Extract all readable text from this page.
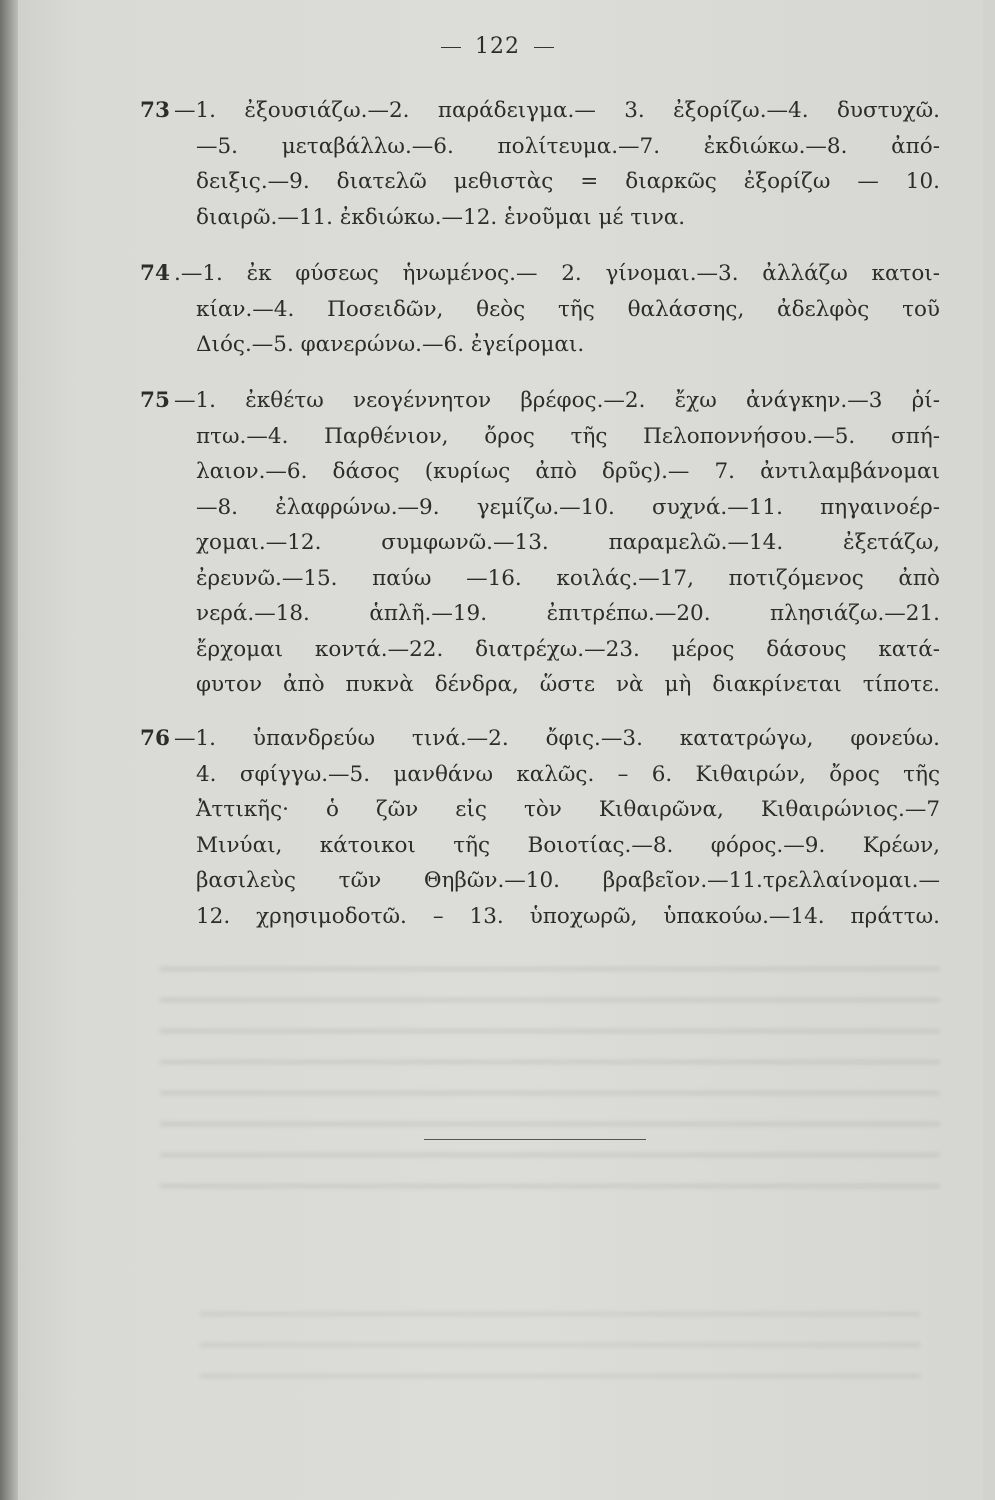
122

73 —1. ἐξουσιάζω.—2. παράδειγμα.— 3. ἐξορίζω.—4. δυστυχῶ.

—5. μεταβάλλω.—6. πολίτευμα.—7. ἐκδιώκω.—8. ἀπό-

δειξις.—9. διατελῶ μεθιστὰς = διαρκῶς ἐξορίζω — 10.

διαιρῶ.—11. ἐκδιώκω.—12. ἑνοῦμαι μέ τινα.

74 .—1. ἐκ φύσεως ἡνωμένος.— 2. γίνομαι.—3. ἀλλάζω κατοι-

κίαν.—4. Ποσειδῶν, θεὸς τῆς θαλάσσης, ἀδελφὸς τοῦ

Διός.—5. φανερώνω.—6. ἐγείρομαι.

75 —1. ἐκθέτω νεογέννητον βρέφος.—2. ἔχω ἀνάγκην.—3 ῥί-

πτω.—4. Παρθένιον, ὄρος τῆς Πελοποννήσου.—5. σπή-

λαιον.—6. δάσος (κυρίως ἀπὸ δρῦς).— 7. ἀντιλαμβάνομαι

—8. ἐλαφρώνω.—9. γεμίζω.—10. συχνά.—11. πηγαινοέρ-

χομαι.—12. συμφωνῶ.—13. παραμελῶ.—14. ἐξετάζω,

ἐρευνῶ.—15. παύω —16. κοιλάς.—17, ποτιζόμενος ἀπὸ

νερά.—18. ἁπλῆ.—19. ἐπιτρέπω.—20. πλησιάζω.—21.

ἔρχομαι κοντά.—22. διατρέχω.—23. μέρος δάσους κατά-

φυτον ἀπὸ πυκνὰ δένδρα, ὥστε νὰ μὴ διακρίνεται τίποτε.

76 —1. ὑπανδρεύω τινά.—2. ὄφις.—3. κατατρώγω, φονεύω.

4. σφίγγω.—5. μανθάνω καλῶς. – 6. Κιθαιρών, ὄρος τῆς

Ἀττικῆς· ὁ ζῶν εἰς τὸν Κιθαιρῶνα, Κιθαιρώνιος.—7

Μινύαι, κάτοικοι τῆς Βοιοτίας.—8. φόρος.—9. Κρέων,

βασιλεὺς τῶν Θηβῶν.—10. βραβεῖον.—11.τρελλαίνομαι.—

12. χρησιμοδοτῶ. – 13. ὑποχωρῶ, ὑπακούω.—14. πράττω.
